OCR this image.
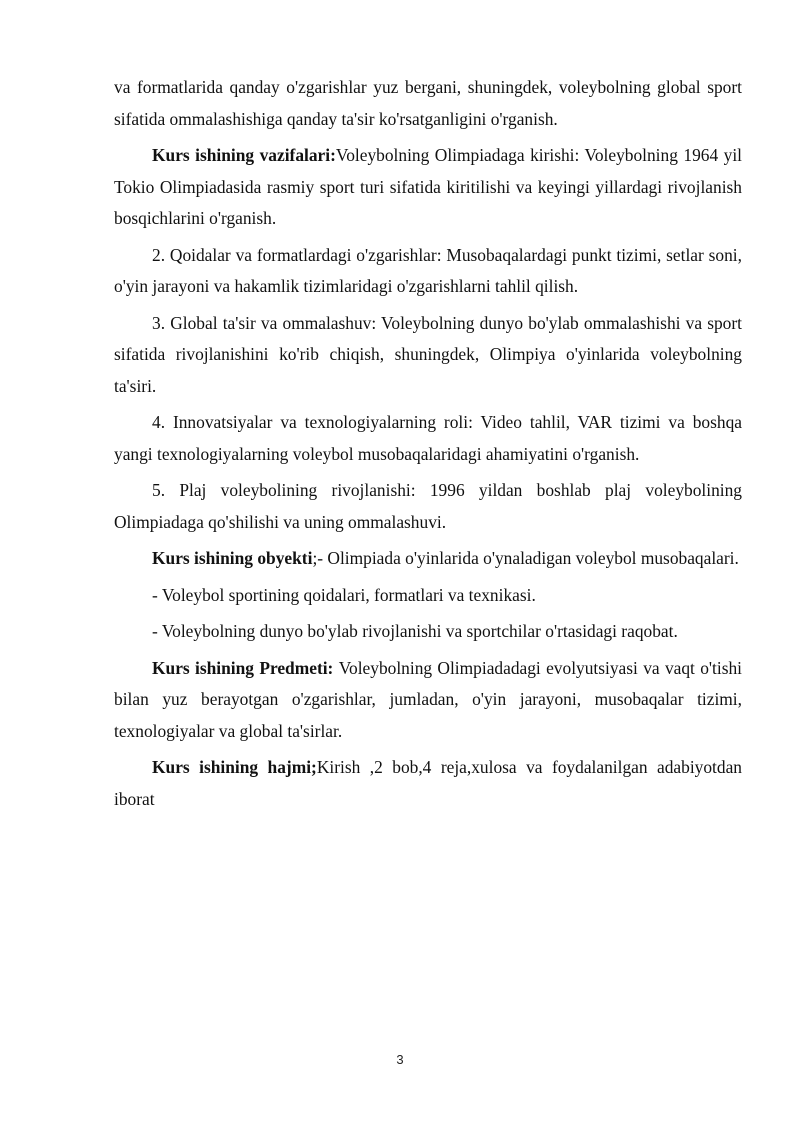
va formatlarida qanday o'zgarishlar yuz bergani, shuningdek, voleybolning global sport sifatida ommalashishiga qanday ta'sir ko'rsatganligini o'rganish.

Kurs ishining vazifalari:Voleybolning Olimpiadaga kirishi: Voleybolning 1964 yil Tokio Olimpiadasida rasmiy sport turi sifatida kiritilishi va keyingi yillardagi rivojlanish bosqichlarini o'rganish.

2. Qoidalar va formatlardagi o'zgarishlar: Musobaqalardagi punkt tizimi, setlar soni, o'yin jarayoni va hakamlik tizimlaridagi o'zgarishlarni tahlil qilish.

3. Global ta'sir va ommalashuv: Voleybolning dunyo bo'ylab ommalashishi va sport sifatida rivojlanishini ko'rib chiqish, shuningdek, Olimpiya o'yinlarida voleybolning ta'siri.

4. Innovatsiyalar va texnologiyalarning roli: Video tahlil, VAR tizimi va boshqa yangi texnologiyalarning voleybol musobaqalaridagi ahamiyatini o'rganish.

5. Plaj voleybolining rivojlanishi: 1996 yildan boshlab plaj voleybolining Olimpiadaga qo'shilishi va uning ommalashuvi.

Kurs ishining obyekti;- Olimpiada o'yinlarida o'ynaladigan voleybol musobaqalari.

- Voleybol sportining qoidalari, formatlari va texnikasi.

- Voleybolning dunyo bo'ylab rivojlanishi va sportchilar o'rtasidagi raqobat.

Kurs ishining Predmeti: Voleybolning Olimpiadadagi evolyutsiyasi va vaqt o'tishi bilan yuz berayotgan o'zgarishlar, jumladan, o'yin jarayoni, musobaqalar tizimi, texnologiyalar va global ta'sirlar.

Kurs ishining hajmi;Kirish ,2 bob,4 reja,xulosa va foydalanilgan adabiyotdan iborat

3
